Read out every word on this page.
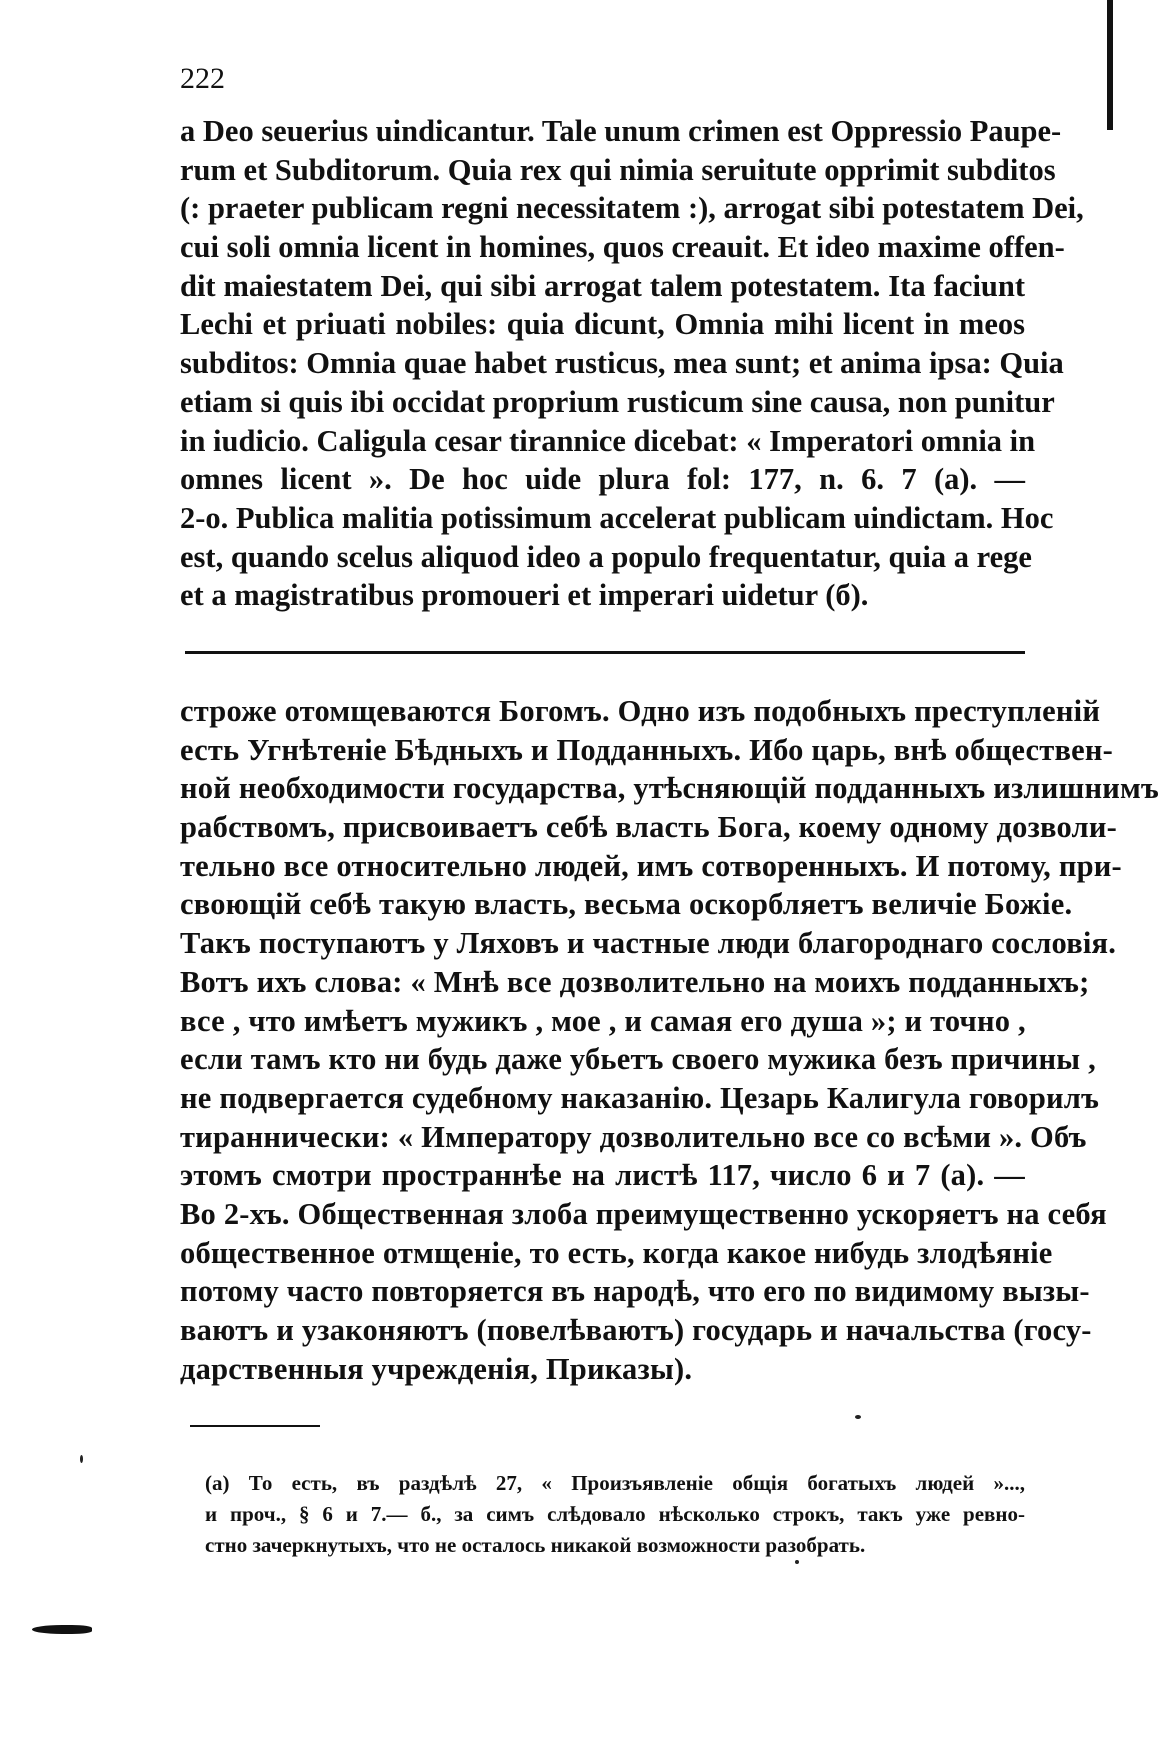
222
a Deo seuerius uindicantur. Tale unum crimen est Oppressio Paupe-
rum et Subditorum. Quia rex qui nimia seruitute opprimit subditos
(: praeter publicam regni necessitatem :), arrogat sibi potestatem Dei,
cui soli omnia licent in homines, quos creauit. Et ideo maxime offen-
dit maiestatem Dei, qui sibi arrogat talem potestatem. Ita faciunt
Lechi et priuati nobiles: quia dicunt, Omnia mihi licent in meos
subditos: Omnia quae habet rusticus, mea sunt; et anima ipsa: Quia
etiam si quis ibi occidat proprium rusticum sine causa, non punitur
in iudicio. Caligula cesar tirannice dicebat: « Imperatori omnia in
omnes licent ». De hoc uide plura fol: 177, n. 6. 7 (a). —
2-o. Publica malitia potissimum accelerat publicam uindictam. Hoc
est, quando scelus aliquod ideo a populo frequentatur, quia a rege
et a magistratibus promoueri et imperari uidetur (б).
строже отомщеваются Богомъ. Одно изъ подобныхъ преступленій
есть Угнѣтеніе Бѣдныхъ и Подданныхъ. Ибо царь, внѣ обществен-
ной необходимости государства, утѣсняющій подданныхъ излишнимъ
рабствомъ, присвоиваетъ себѣ власть Бога, коему одному дозволи-
тельно все относительно людей, имъ сотворенныхъ. И потому, при-
своющій себѣ такую власть, весьма оскорбляетъ величіе Божіе.
Такъ поступаютъ у Ляховъ и частные люди благороднаго сословія.
Вотъ ихъ слова: « Мнѣ все дозволительно на моихъ подданныхъ;
все , что имѣетъ мужикъ , мое , и самая его душа »; и точно ,
если тамъ кто ни будь даже убьетъ своего мужика безъ причины ,
не подвергается судебному наказанію. Цезарь Калигула говорилъ
тираннически: « Императору дозволительно все со всѣми ». Объ
этомъ смотри пространнѣе на листѣ 117, число 6 и 7 (а). —
Во 2-хъ. Общественная злоба преимущественно ускоряетъ на себя
общественное отмщеніе, то есть, когда какое нибудь злодѣяніе
потому часто повторяется въ народѣ, что его по видимому вызы-
ваютъ и узаконяютъ (повелѣваютъ) государь и начальства (госу-
дарственныя учрежденія, Приказы).
(а) То есть, въ раздѣлѣ 27, « Произъявленіе общія богатыхъ людей »...,
и проч., § 6 и 7.— б., за симъ слѣдовало нѣсколько строкъ, такъ уже ревно-
стно зачеркнутыхъ, что не осталось никакой возможности разобрать.
